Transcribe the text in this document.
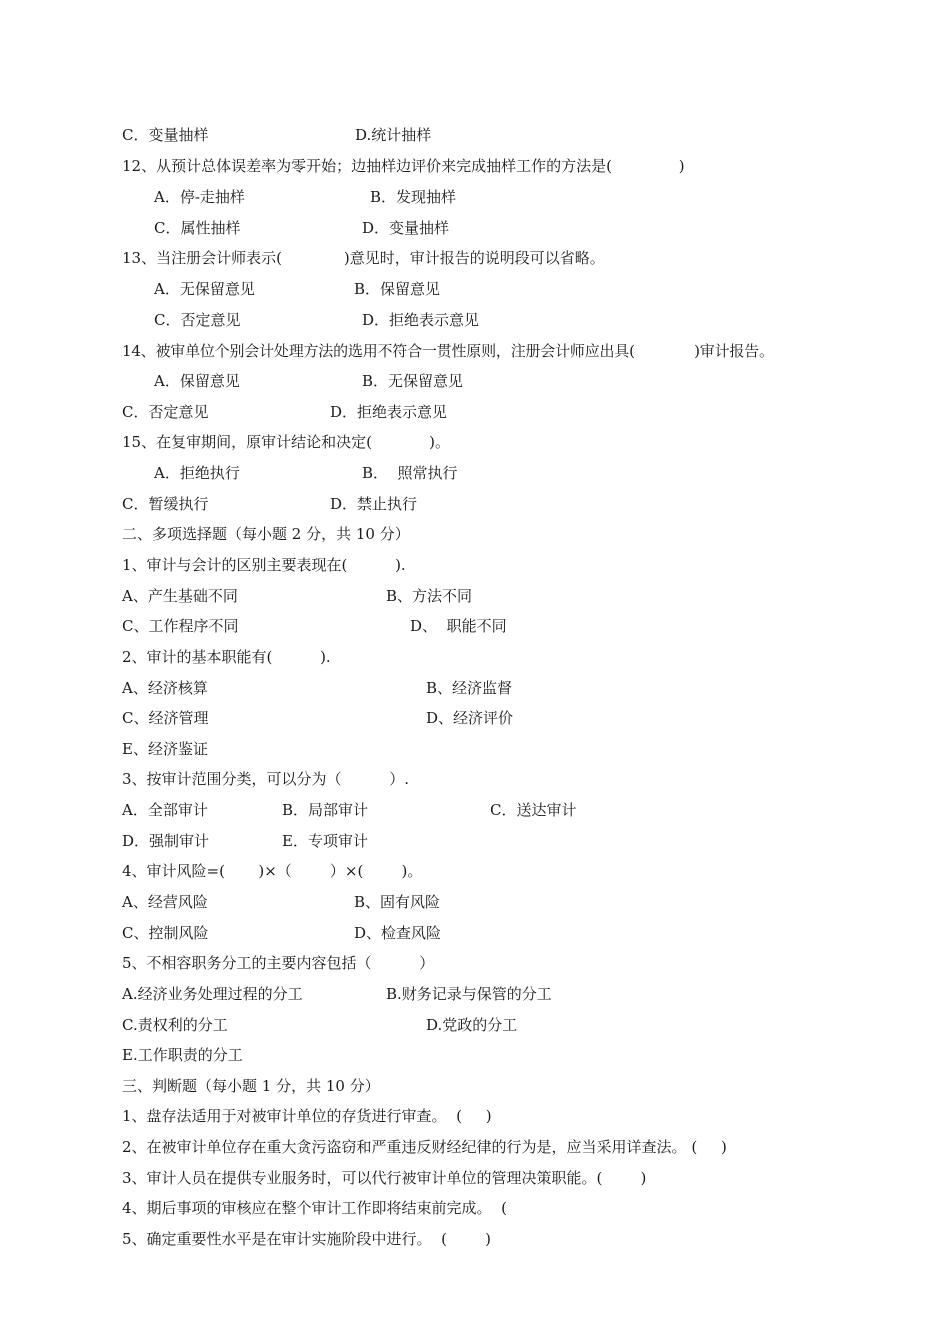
C．变量抽样

	D.统计抽样

12、从预计总体误差率为零开始；边抽样边评价来完成抽样工作的方法是(              )

A．停-走抽样

	B．发现抽样

C．属性抽样

	D．变量抽样

13、当注册会计师表示(             )意见时，审计报告的说明段可以省略。

A．无保留意见

	B．保留意见

C．否定意见

	D．拒绝表示意见

14、被审单位个别会计处理方法的选用不符合一贯性原则，注册会计师应出具(             )审计报告。

A．保留意见

	B．无保留意见

C．否定意见

	D．拒绝表示意见

15、在复审期间，原审计结论和决定(            )。

A．拒绝执行

	B．  照常执行

C．暂缓执行

	D．禁止执行

二、多项选择题（每小题 2 分，共 10 分）

1、审计与会计的区别主要表现在(          ).

A、产生基础不同

	B、方法不同

C、工作程序不同

	D、  职能不同

2、审计的基本职能有(          ).

A、经济核算

	B、经济监督

C、经济管理

	D、经济评价

E、经济鉴证

3、按审计范围分类，可以分为（          ）.

A．全部审计

	B．局部审计

	C．送达审计

D．强制审计

	E．专项审计

4、审计风险=(       )×（        ）×(        )。

A、经营风险

	B、固有风险

C、控制风险

	D、检查风险

5、不相容职务分工的主要内容包括（          ）

A.经济业务处理过程的分工

	B.财务记录与保管的分工

C.责权利的分工

	D.党政的分工

E.工作职责的分工

三、判断题（每小题 1 分，共 10 分）

1、盘存法适用于对被审计单位的存货进行审查。  (     )

2、在被审计单位存在重大贪污盗窃和严重违反财经纪律的行为是，应当采用详查法。 (     )

3、审计人员在提供专业服务时，可以代行被审计单位的管理决策职能。(        )

4、期后事项的审核应在整个审计工作即将结束前完成。  (

5、确定重要性水平是在审计实施阶段中进行。  (        )
